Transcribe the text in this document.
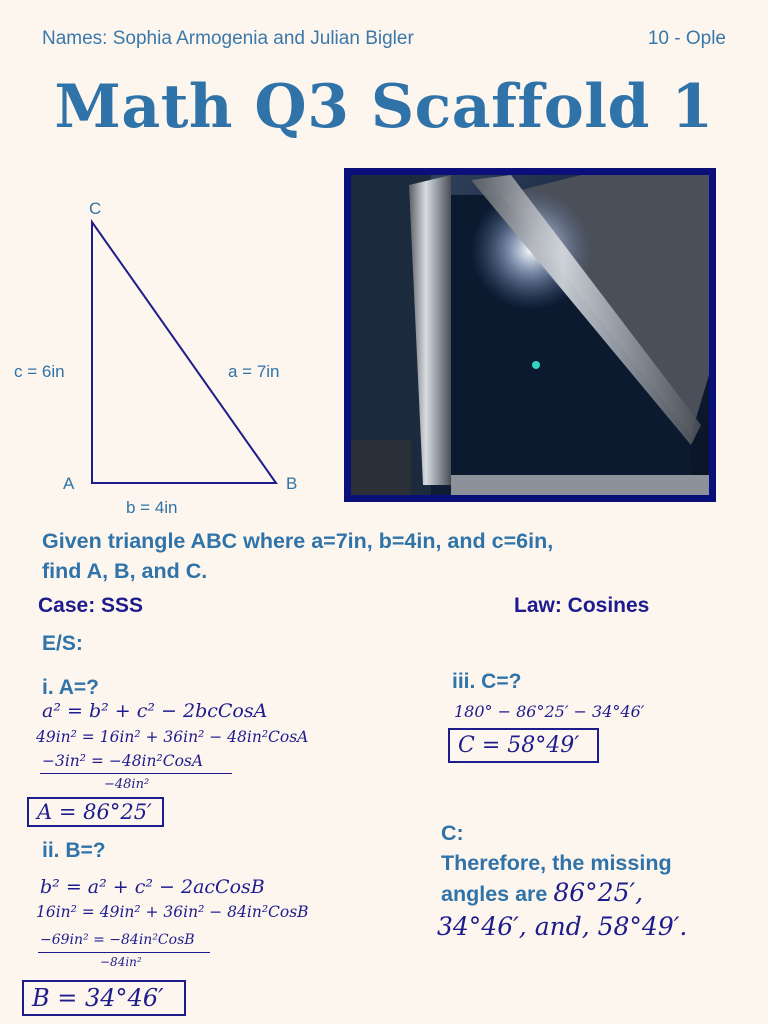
Names: Sophia Armogenia and Julian Bigler	10 - Ople
Math Q3 Scaffold 1
C
A	B
c = 6in	a = 7in
b = 4in
Given triangle ABC where a=7in, b=4in, and c=6in,
find A, B, and C.
Case: SSS	Law: Cosines
E/S:
i. A=?
a² = b² + c² − 2bcCosA
49in² = 16in² + 36in² − 48in²CosA
−3in² = −48in²CosA
−48in²
A = 86°25′
ii. B=?
b² = a² + c² − 2acCosB
16in² = 49in² + 36in² − 84in²CosB
−69in² = −84in²CosB
−84in²
B = 34°46′
iii. C=?
180° − 86°25′ − 34°46′
C = 58°49′
C:
Therefore, the missing
angles are 86°25′,
34°46′, and, 58°49′.
